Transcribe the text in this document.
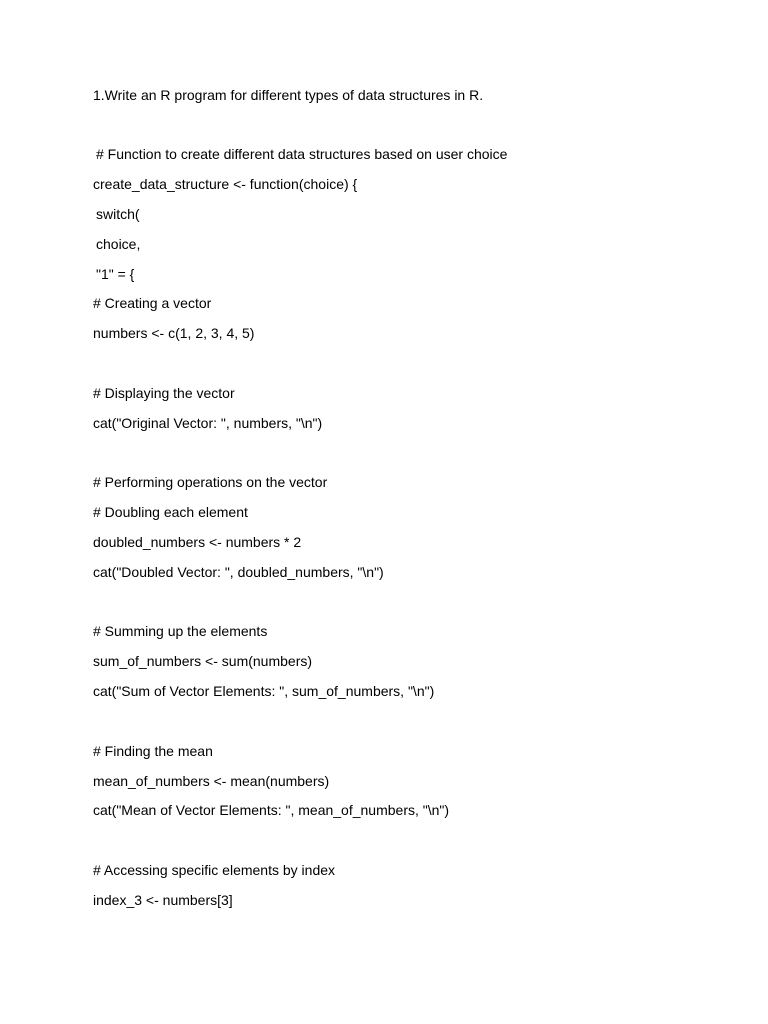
1.Write an R program for different types of data structures in R.
# Function to create different data structures based on user choice
create_data_structure <- function(choice) {
switch(
choice,
"1" = {
# Creating a vector
numbers <- c(1, 2, 3, 4, 5)
# Displaying the vector
cat("Original Vector: ", numbers, "\n")
# Performing operations on the vector
# Doubling each element
doubled_numbers <- numbers * 2
cat("Doubled Vector: ", doubled_numbers, "\n")
# Summing up the elements
sum_of_numbers <- sum(numbers)
cat("Sum of Vector Elements: ", sum_of_numbers, "\n")
# Finding the mean
mean_of_numbers <- mean(numbers)
cat("Mean of Vector Elements: ", mean_of_numbers, "\n")
# Accessing specific elements by index
index_3 <- numbers[3]
